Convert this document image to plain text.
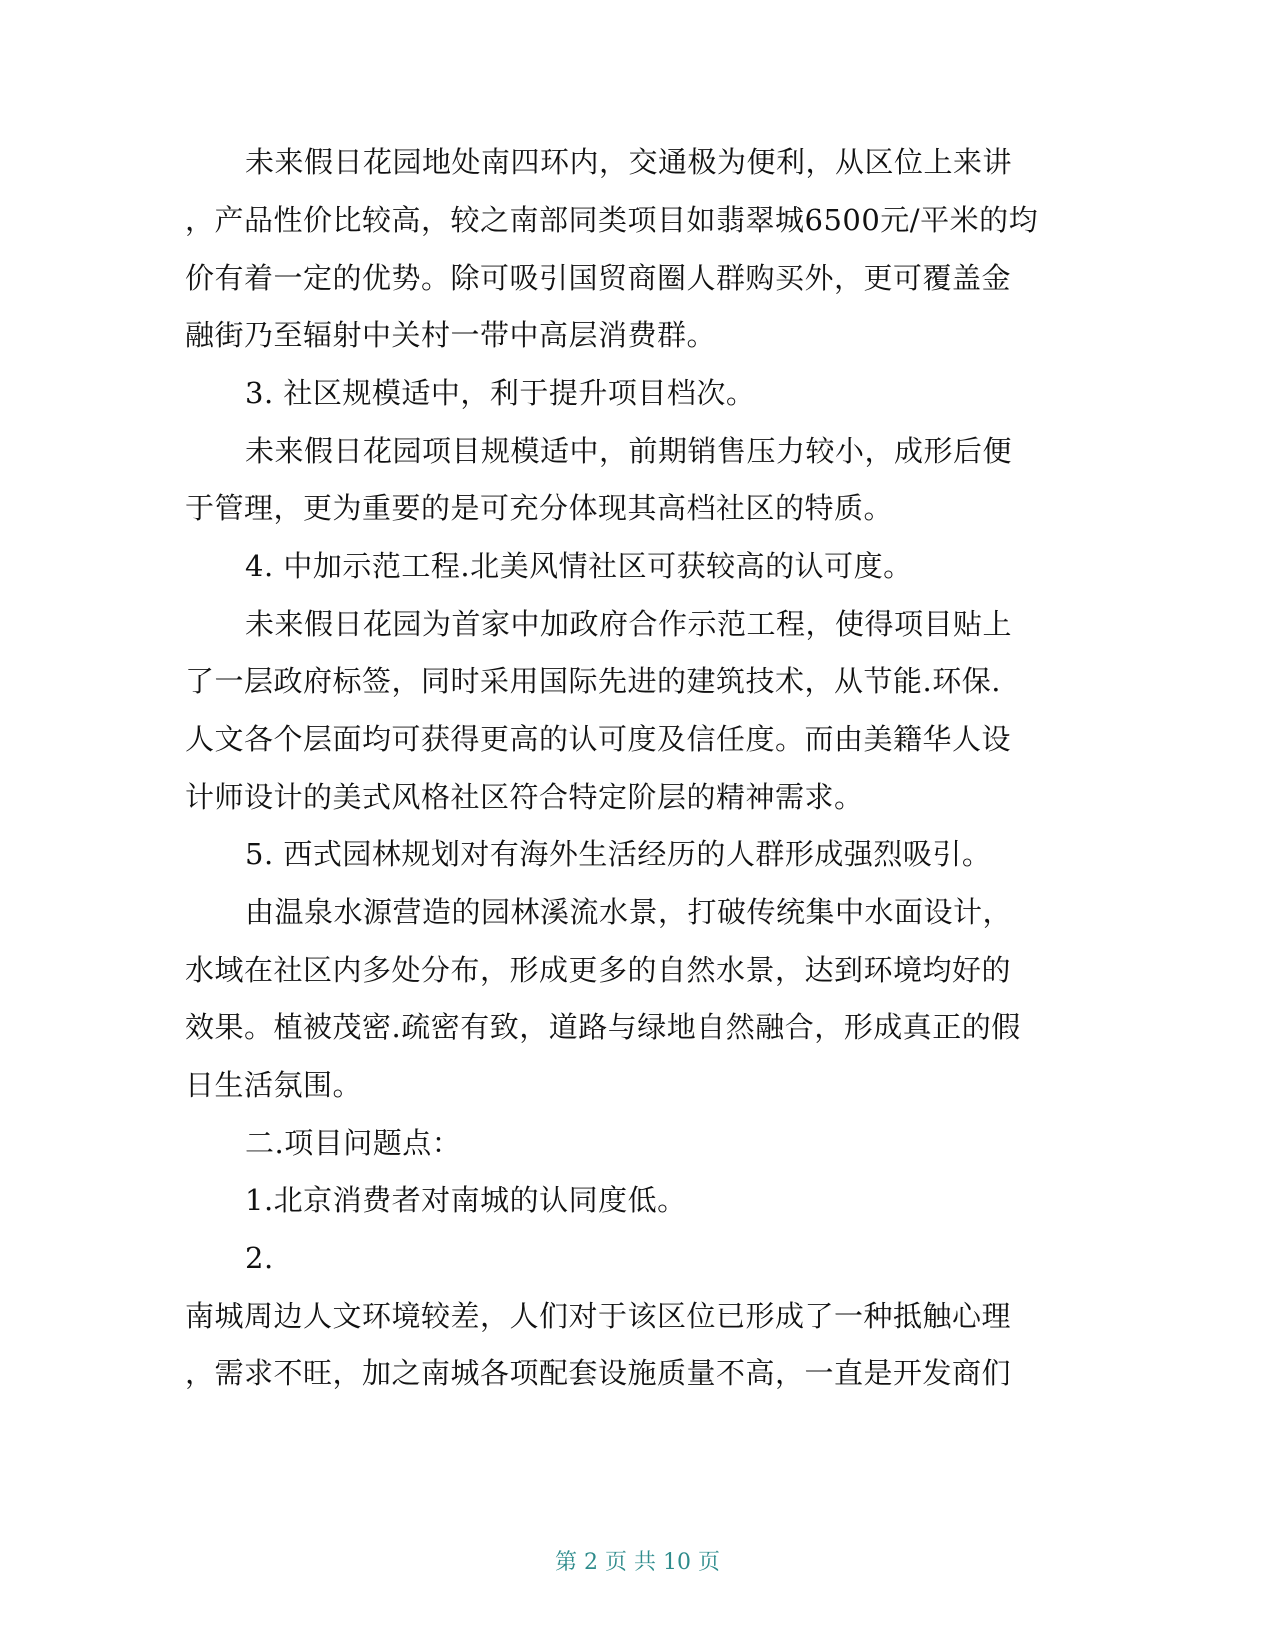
未来假日花园地处南四环内，交通极为便利，从区位上来讲
，产品性价比较高，较之南部同类项目如翡翠城6500元/平米的均
价有着一定的优势。除可吸引国贸商圈人群购买外，更可覆盖金
融街乃至辐射中关村一带中高层消费群。
3. 社区规模适中，利于提升项目档次。
未来假日花园项目规模适中，前期销售压力较小，成形后便
于管理，更为重要的是可充分体现其高档社区的特质。
4. 中加示范工程.北美风情社区可获较高的认可度。
未来假日花园为首家中加政府合作示范工程，使得项目贴上
了一层政府标签，同时采用国际先进的建筑技术，从节能.环保.
人文各个层面均可获得更高的认可度及信任度。而由美籍华人设
计师设计的美式风格社区符合特定阶层的精神需求。
5. 西式园林规划对有海外生活经历的人群形成强烈吸引。
由温泉水源营造的园林溪流水景，打破传统集中水面设计，
水域在社区内多处分布，形成更多的自然水景，达到环境均好的
效果。植被茂密.疏密有致，道路与绿地自然融合，形成真正的假
日生活氛围。
二.项目问题点：
1.北京消费者对南城的认同度低。
2.
南城周边人文环境较差，人们对于该区位已形成了一种抵触心理
，需求不旺，加之南城各项配套设施质量不高，一直是开发商们
第 2 页 共 10 页
